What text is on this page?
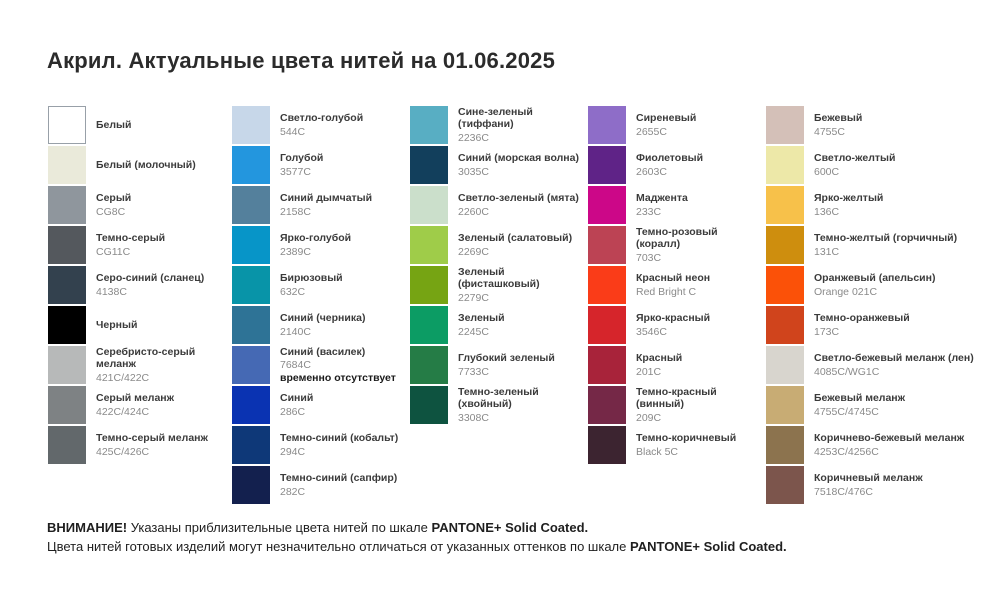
Акрил. Актуальные цвета нитей на 01.06.2025
Белый
Белый (молочный)
Серый
CG8C
Темно-серый
CG11C
Серо-синий (сланец)
4138C
Черный
Серебристо-серый меланж
421C/422C
Серый меланж
422C/424C
Темно-серый меланж
425C/426C
Светло-голубой
544C
Голубой
3577C
Синий дымчатый
2158C
Ярко-голубой
2389C
Бирюзовый
632C
Синий (черника)
2140C
Синий (василек)
7684C
временно отсутствует
Синий
286C
Темно-синий (кобальт)
294C
Темно-синий (сапфир)
282C
Сине-зеленый (тиффани)
2236C
Синий (морская волна)
3035C
Светло-зеленый (мята)
2260C
Зеленый (салатовый)
2269C
Зеленый (фисташковый)
2279C
Зеленый
2245C
Глубокий зеленый
7733C
Темно-зеленый (хвойный)
3308C
Сиреневый
2655C
Фиолетовый
2603C
Маджента
233C
Темно-розовый (коралл)
703C
Красный неон
Red Bright C
Ярко-красный
3546C
Красный
201C
Темно-красный (винный)
209C
Темно-коричневый
Black 5C
Бежевый
4755C
Светло-желтый
600C
Ярко-желтый
136C
Темно-желтый (горчичный)
131C
Оранжевый (апельсин)
Orange 021C
Темно-оранжевый
173C
Светло-бежевый меланж (лен)
4085C/WG1C
Бежевый меланж
4755C/4745C
Коричнево-бежевый меланж
4253C/4256C
Коричневый меланж
7518C/476C

ВНИМАНИЕ! Указаны приблизительные цвета нитей по шкале PANTONE+ Solid Coated.

Цвета нитей готовых изделий могут незначительно отличаться от указанных оттенков по шкале PANTONE+ Solid Coated.
